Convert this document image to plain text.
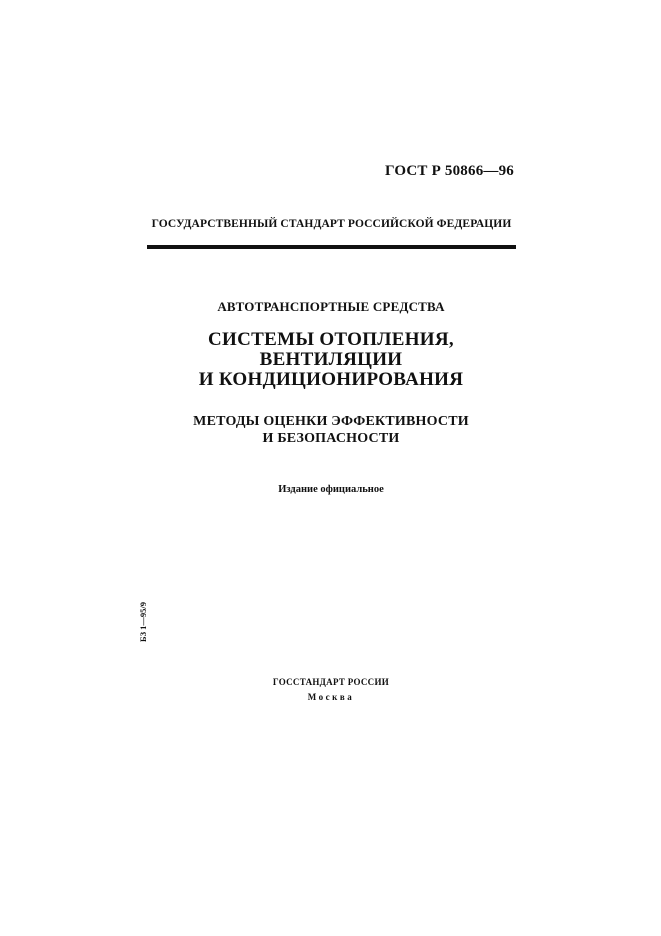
ГОСТ Р 50866—96
ГОСУДАРСТВЕННЫЙ СТАНДАРТ РОССИЙСКОЙ ФЕДЕРАЦИИ
АВТОТРАНСПОРТНЫЕ СРЕДСТВА
СИСТЕМЫ ОТОПЛЕНИЯ,
ВЕНТИЛЯЦИИ
И КОНДИЦИОНИРОВАНИЯ
МЕТОДЫ ОЦЕНКИ ЭФФЕКТИВНОСТИ
И БЕЗОПАСНОСТИ
Издание официальное
БЗ 1—95/9
ГОССТАНДАРТ РОССИИ
Москва
